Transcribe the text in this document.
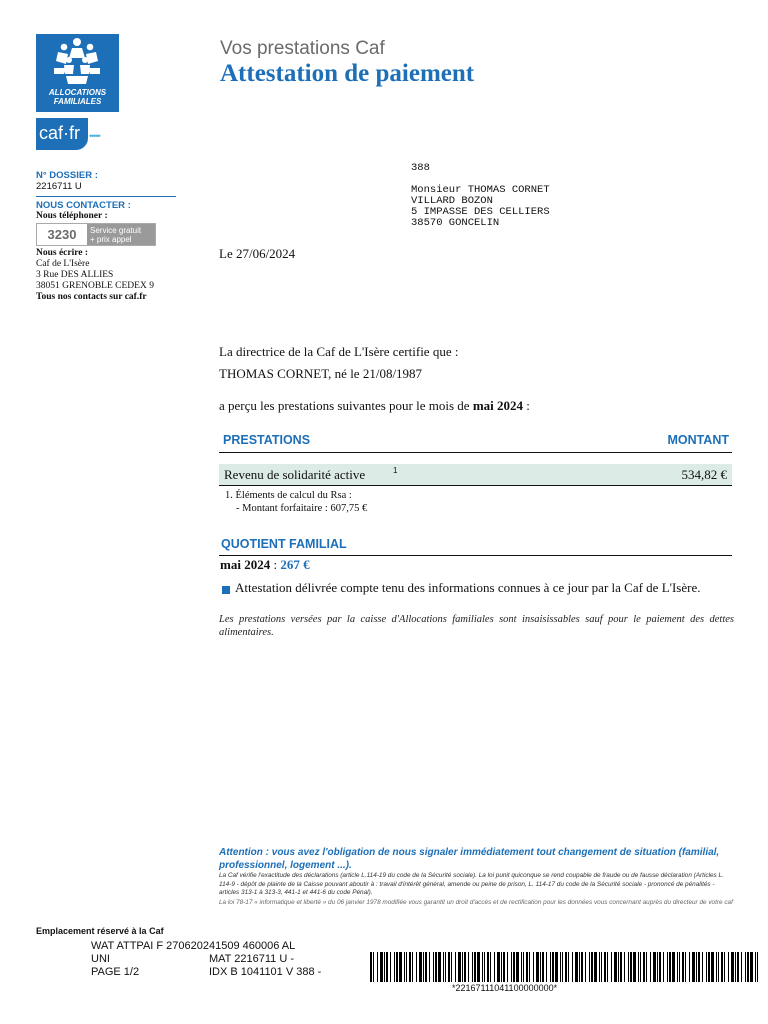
ALLOCATIONS
FAMILIALES
caf·fr •••••
Vos prestations Caf
Attestation de paiement
N° DOSSIER :
2216711 U
NOUS CONTACTER :
Nous téléphoner :
3230	Service gratuit
+ prix appel
Nous écrire :
Caf de L'Isère
3 Rue DES ALLIES
38051 GRENOBLE CEDEX 9
Tous nos contacts sur caf.fr
388
Monsieur THOMAS CORNET
VILLARD BOZON
5 IMPASSE DES CELLIERS
38570 GONCELIN
Le 27/06/2024
La directrice de la Caf de L'Isère certifie que :
THOMAS CORNET, né le 21/08/1987
a perçu les prestations suivantes pour le mois de mai 2024 :
PRESTATIONS	MONTANT
Revenu de solidarité active	1	534,82 €
1. Éléments de calcul du Rsa :
- Montant forfaitaire : 607,75 €
QUOTIENT FAMILIAL
mai 2024 : 267 €
Attestation délivrée compte tenu des informations connues à ce jour par la Caf de L'Isère.
Les prestations versées par la caisse d'Allocations familiales sont insaisissables sauf pour le paiement des dettes alimentaires.
Attention : vous avez l'obligation de nous signaler immédiatement tout changement de situation (familial, professionnel, logement ...).
La Caf vérifie l'exactitude des déclarations (article L.114-19 du code de la Sécurité sociale). La loi punit quiconque se rend coupable de fraude ou de fausse déclaration (Articles L. 114-9 - dépôt de plainte de la Caisse pouvant aboutir à : travail d'intérêt général, amende ou peine de prison, L. 114-17 du code de la Sécurité sociale - prononcé de pénalités - articles 313-1 à 313-3, 441-1 et 441-6 du code Pénal).
La loi 78-17 « informatique et liberté » du 06 janvier 1978 modifiée vous garantit un droit d'accès et de rectification pour les données vous concernant auprès du directeur de votre caf
Emplacement réservé à la Caf
WAT ATTPAI F 270620241509 460006 AL
UNI
PAGE 1/2
MAT 2216711 U -
IDX B 1041101 V 388 -
*22167111041100000000*
